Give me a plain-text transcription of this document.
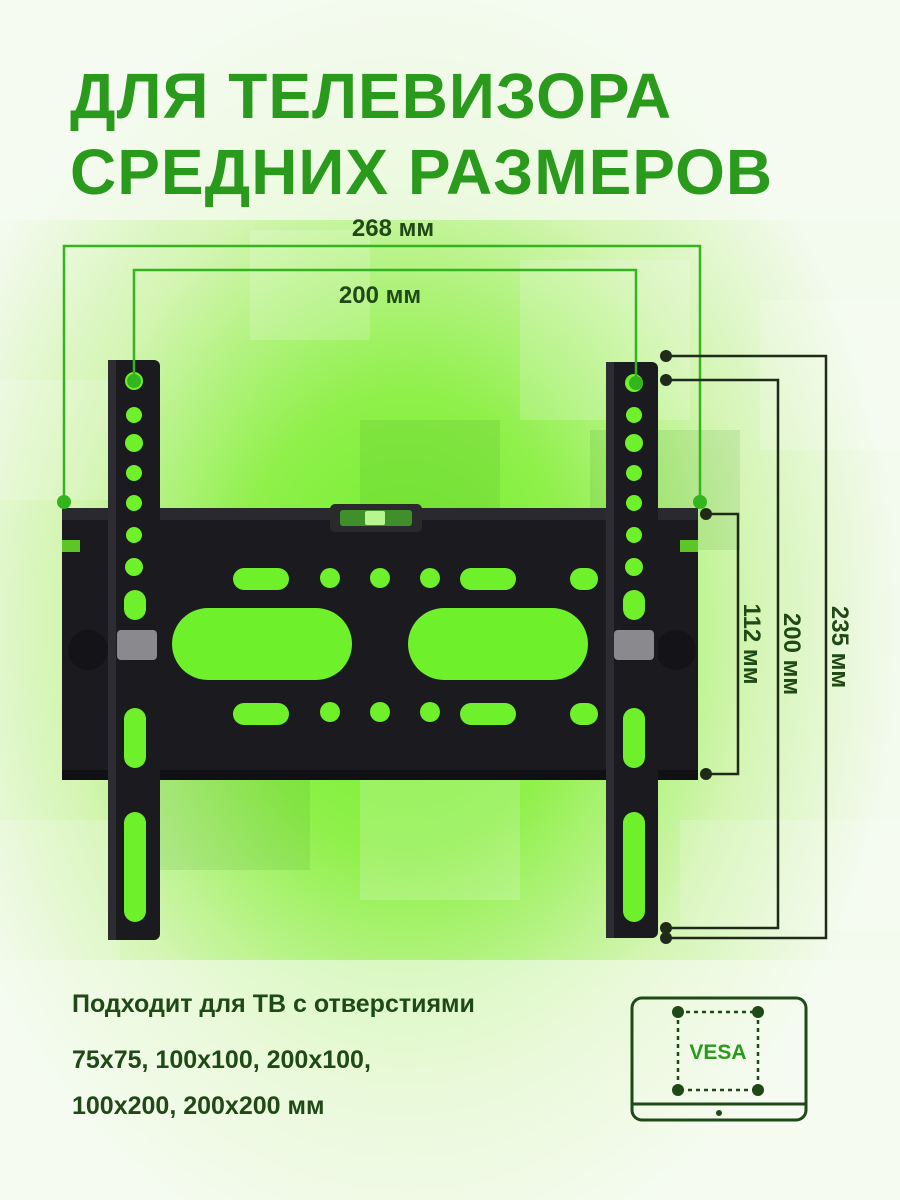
ДЛЯ ТЕЛЕВИЗОРА
СРЕДНИХ РАЗМЕРОВ
268 мм
200 мм
112 мм 200 мм 235 мм
VESA

Подходит для ТВ с отверстиями

75x75, 100x100, 200x100,

100x200, 200x200 мм
